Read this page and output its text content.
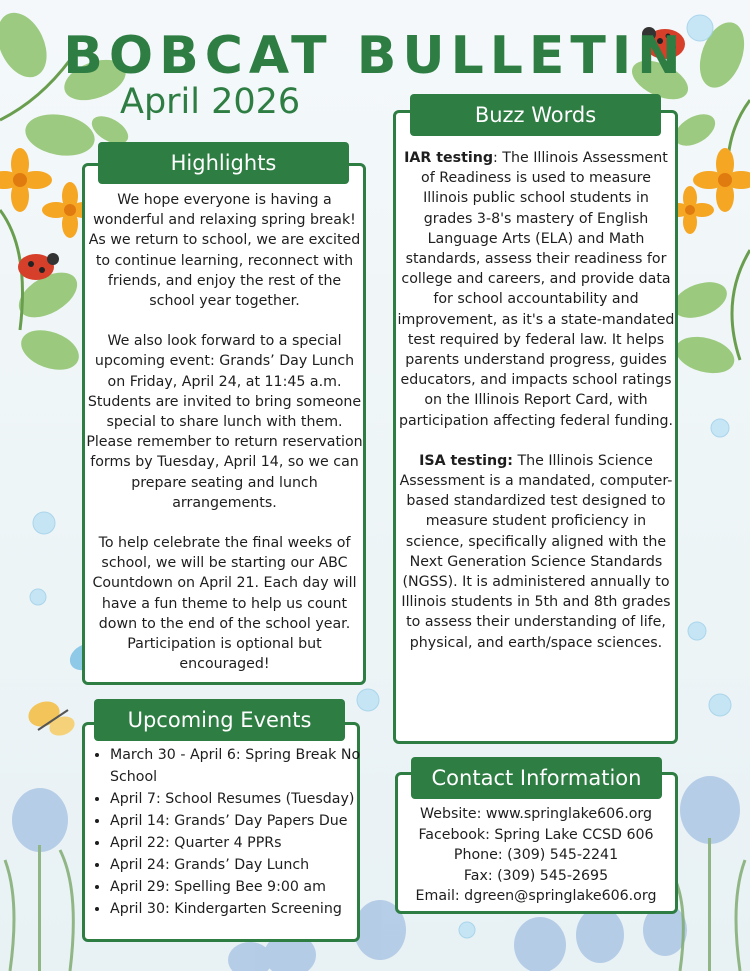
BOBCAT BULLETIN
April 2026
Highlights

We hope everyone is having a wonderful and relaxing spring break! As we return to school, we are excited to continue learning, reconnect with friends, and enjoy the rest of the school year together.

We also look forward to a special upcoming event: Grands’ Day Lunch on Friday, April 24, at 11:45 a.m. Students are invited to bring someone special to share lunch with them. Please remember to return reservation forms by Tuesday, April 14, so we can prepare seating and lunch arrangements.

To help celebrate the final weeks of school, we will be starting our ABC Countdown on April 21. Each day will have a fun theme to help us count down to the end of the school year. Participation is optional but encouraged!

Buzz Words

IAR testing: The Illinois Assessment of Readiness is used to measure Illinois public school students in grades 3-8's mastery of English Language Arts (ELA) and Math standards, assess their readiness for college and careers, and provide data for school accountability and improvement, as it's a state-mandated test required by federal law. It helps parents understand progress, guides educators, and impacts school ratings on the Illinois Report Card, with participation affecting federal funding.

ISA testing: The Illinois Science Assessment is a mandated, computer-based standardized test designed to measure student proficiency in science, specifically aligned with the Next Generation Science Standards (NGSS). It is administered annually to Illinois students in 5th and 8th grades to assess their understanding of life, physical, and earth/space sciences.

Upcoming Events
• March 30 - April 6: Spring Break No School
• April 7: School Resumes (Tuesday)
• April 14: Grands’ Day Papers Due
• April 22: Quarter 4 PPRs
• April 24: Grands’ Day Lunch
• April 29: Spelling Bee 9:00 am
• April 30: Kindergarten Screening
Contact Information
Website: www.springlake606.org
Facebook: Spring Lake CCSD 606
Phone: (309) 545-2241
Fax: (309) 545-2695
Email: dgreen@springlake606.org
